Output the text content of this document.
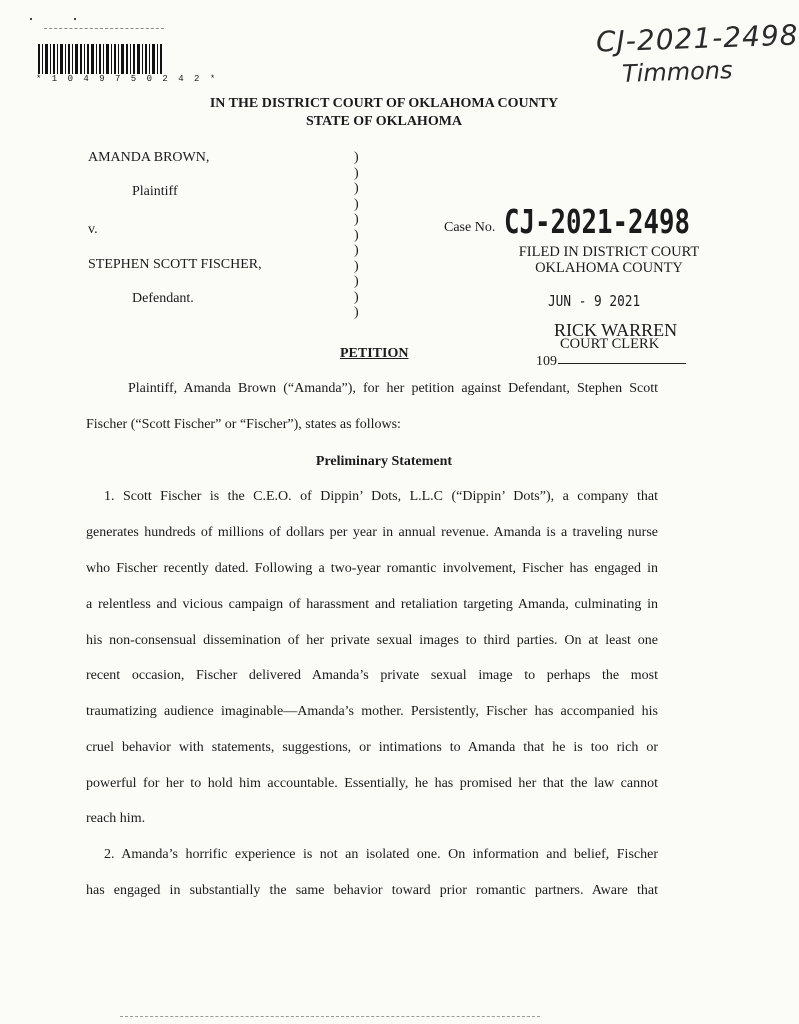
* 1 0 4 9 7 5 0 2 4 2 *
CJ-2021-2498
Timmons
IN THE DISTRICT COURT OF OKLAHOMA COUNTY
STATE OF OKLAHOMA
AMANDA BROWN,
Plaintiff
v.
STEPHEN SCOTT FISCHER,
Defendant.
)
)
)
)
)
)
)
)
)
)
)
Case No. CJ-2021-2498
FILED IN DISTRICT COURT
OKLAHOMA COUNTY
JUN - 9 2021
RICK WARREN
COURT CLERK
109
PETITION
Plaintiff, Amanda Brown (“Amanda”), for her petition against Defendant, Stephen Scott
Fischer (“Scott Fischer” or “Fischer”), states as follows:
Preliminary Statement
1. Scott Fischer is the C.E.O. of Dippin’ Dots, L.L.C (“Dippin’ Dots”), a company that
generates hundreds of millions of dollars per year in annual revenue. Amanda is a traveling nurse
who Fischer recently dated. Following a two-year romantic involvement, Fischer has engaged in
a relentless and vicious campaign of harassment and retaliation targeting Amanda, culminating in
his non-consensual dissemination of her private sexual images to third parties. On at least one
recent occasion, Fischer delivered Amanda’s private sexual image to perhaps the most
traumatizing audience imaginable—Amanda’s mother. Persistently, Fischer has accompanied his
cruel behavior with statements, suggestions, or intimations to Amanda that he is too rich or
powerful for her to hold him accountable. Essentially, he has promised her that the law cannot
reach him.
2. Amanda’s horrific experience is not an isolated one. On information and belief, Fischer
has engaged in substantially the same behavior toward prior romantic partners. Aware that
